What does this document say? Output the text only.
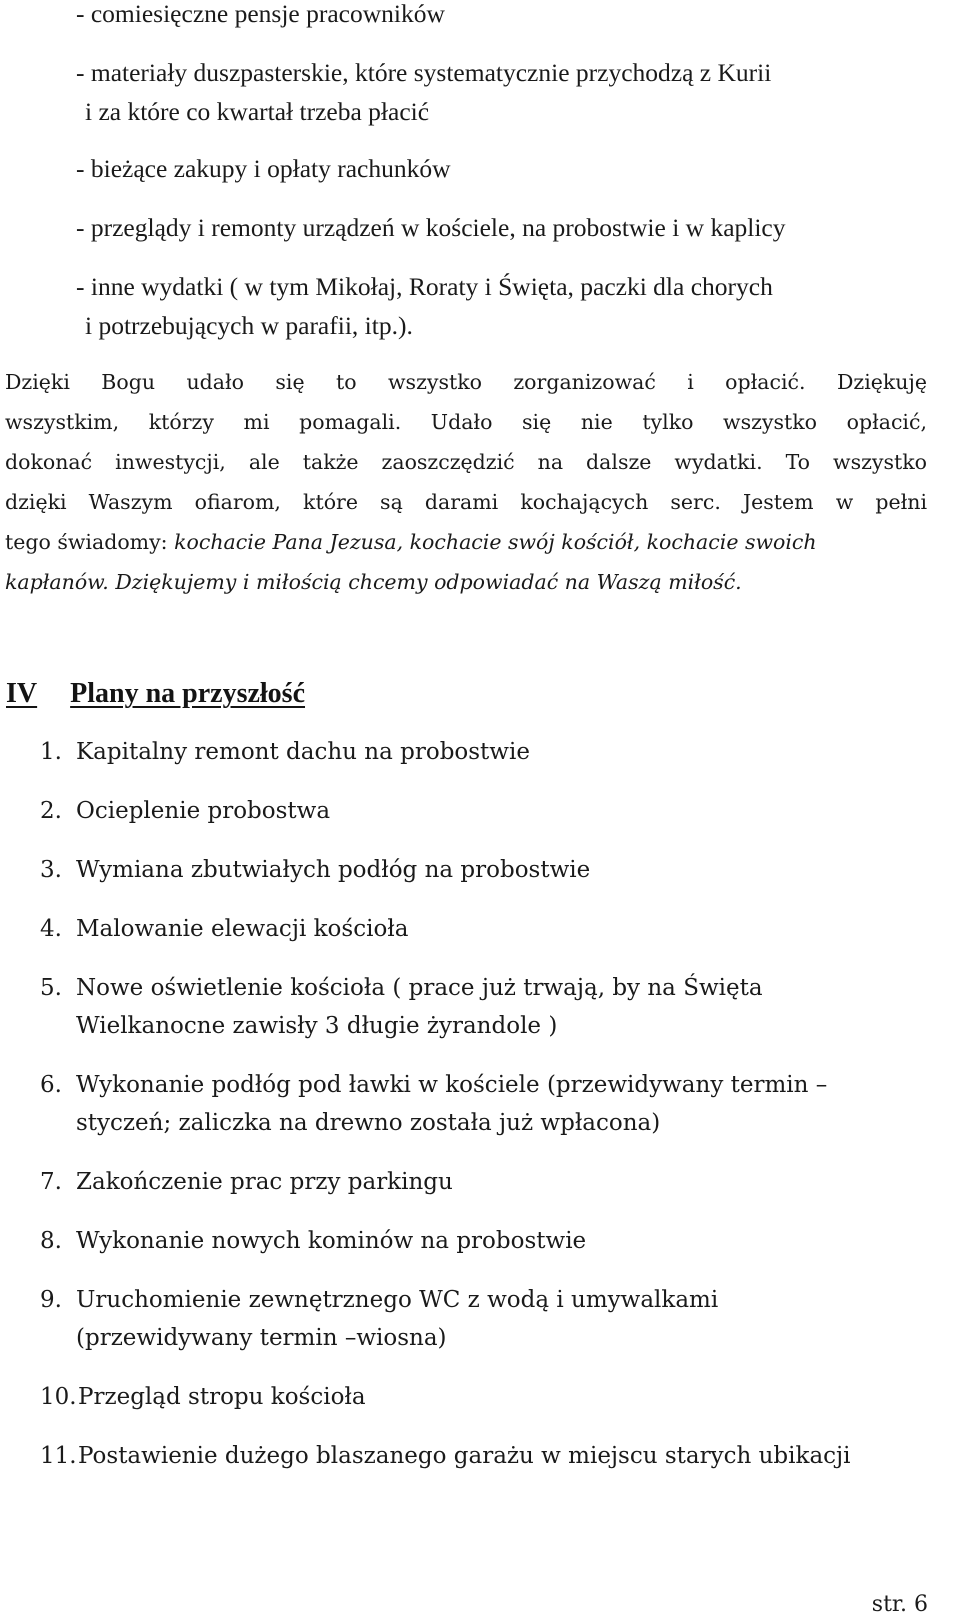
- comiesięczne pensje pracowników
- materiały duszpasterskie, które systematycznie przychodzą z Kurii
i za które co kwartał trzeba płacić
- bieżące zakupy i opłaty rachunków
- przeglądy i remonty urządzeń w kościele, na probostwie i w kaplicy
- inne wydatki ( w tym Mikołaj, Roraty i Święta, paczki dla chorych
i potrzebujących w parafii, itp.).
Dzięki Bogu udało się to wszystko zorganizować i opłacić. Dziękuję
wszystkim, którzy mi pomagali. Udało się nie tylko wszystko opłacić,
dokonać inwestycji, ale także zaoszczędzić na dalsze wydatki. To wszystko
dzięki Waszym ofiarom, które są darami kochających serc. Jestem w pełni
tego świadomy: kochacie Pana Jezusa, kochacie swój kościół, kochacie swoich
kapłanów. Dziękujemy i miłością chcemy odpowiadać na Waszą miłość.
IV Plany na przyszłość
1. Kapitalny remont dachu na probostwie
2. Ocieplenie probostwa
3. Wymiana zbutwiałych podłóg na probostwie
4. Malowanie elewacji kościoła
5. Nowe oświetlenie kościoła ( prace już trwają, by na Święta
Wielkanocne zawisły 3 długie żyrandole )
6. Wykonanie podłóg pod ławki w kościele (przewidywany termin –
styczeń; zaliczka na drewno została już wpłacona)
7. Zakończenie prac przy parkingu
8. Wykonanie nowych kominów na probostwie
9. Uruchomienie zewnętrznego WC z wodą i umywalkami
(przewidywany termin –wiosna)
10.Przegląd stropu kościoła
11.Postawienie dużego blaszanego garażu w miejscu starych ubikacji
str. 6
